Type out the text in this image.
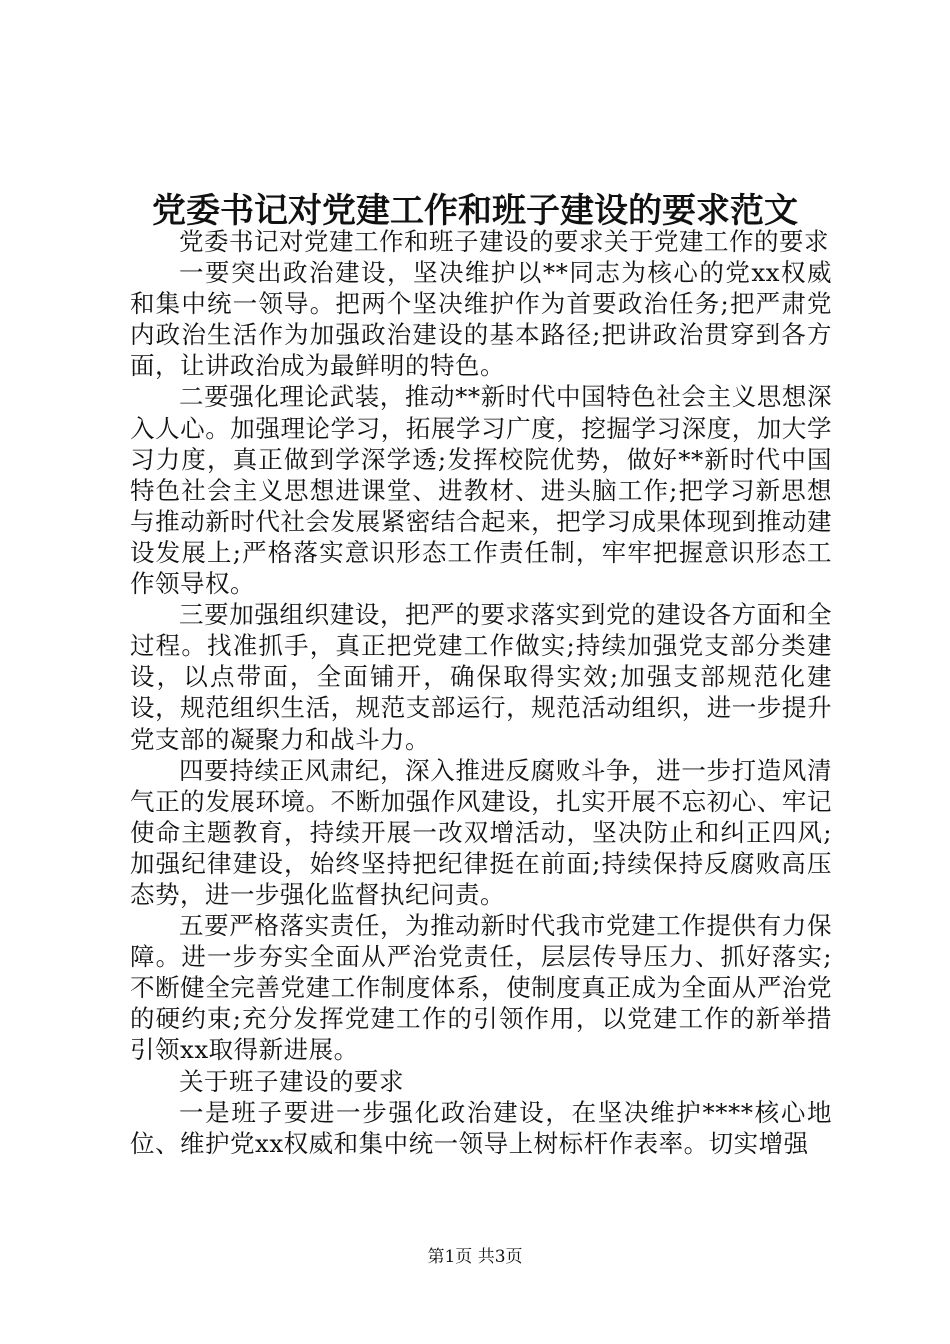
党委书记对党建工作和班子建设的要求范文

党委书记对党建工作和班子建设的要求关于党建工作的要求

一要突出政治建设，坚决维护以**同志为核心的党xx权威和集中统一领导。把两个坚决维护作为首要政治任务;把严肃党内政治生活作为加强政治建设的基本路径;把讲政治贯穿到各方面，让讲政治成为最鲜明的特色。

二要强化理论武装，推动**新时代中国特色社会主义思想深入人心。加强理论学习，拓展学习广度，挖掘学习深度，加大学习力度，真正做到学深学透;发挥校院优势，做好**新时代中国特色社会主义思想进课堂、进教材、进头脑工作;把学习新思想与推动新时代社会发展紧密结合起来，把学习成果体现到推动建设发展上;严格落实意识形态工作责任制，牢牢把握意识形态工作领导权。

三要加强组织建设，把严的要求落实到党的建设各方面和全过程。找准抓手，真正把党建工作做实;持续加强党支部分类建设，以点带面，全面铺开，确保取得实效;加强支部规范化建设，规范组织生活，规范支部运行，规范活动组织，进一步提升党支部的凝聚力和战斗力。

四要持续正风肃纪，深入推进反腐败斗争，进一步打造风清气正的发展环境。不断加强作风建设，扎实开展不忘初心、牢记使命主题教育，持续开展一改双增活动，坚决防止和纠正四风;加强纪律建设，始终坚持把纪律挺在前面;持续保持反腐败高压态势，进一步强化监督执纪问责。

五要严格落实责任，为推动新时代我市党建工作提供有力保障。进一步夯实全面从严治党责任，层层传导压力、抓好落实;不断健全完善党建工作制度体系，使制度真正成为全面从严治党的硬约束;充分发挥党建工作的引领作用，以党建工作的新举措引领xx取得新进展。

关于班子建设的要求

一是班子要进一步强化政治建设，在坚决维护****核心地位、维护党xx权威和集中统一领导上树标杆作表率。切实增强

第1页 共3页
